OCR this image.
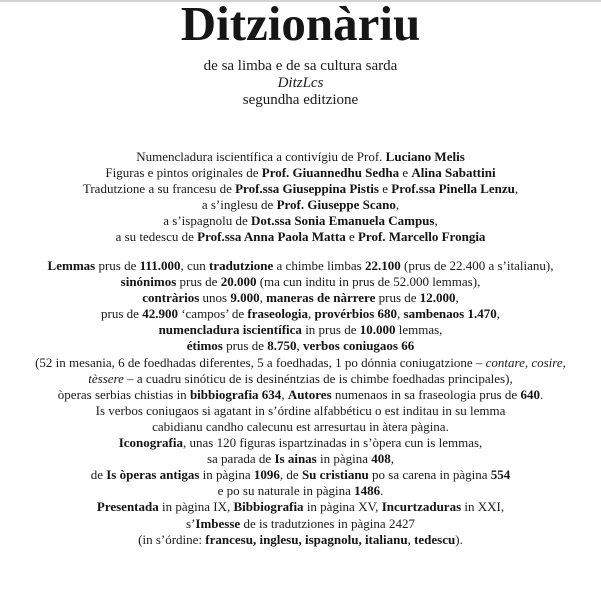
Ditzionàriu
de sa limba e de sa cultura sarda
DitzLcs
segundha editzione
Numencladura iscientífica a contivígiu de Prof. Luciano Melis
Figuras e pintos originales de Prof. Giuannedhu Sedha e Alina Sabattini
Tradutzione a su francesu de Prof.ssa Giuseppina Pistis e Prof.ssa Pinella Lenzu,
a s’inglesu de Prof. Giuseppe Scano,
a s’ispagnolu de Dot.ssa Sonia Emanuela Campus,
a su tedescu de Prof.ssa Anna Paola Matta e Prof. Marcello Frongia
Lemmas prus de 111.000, cun tradutzione a chimbe limbas 22.100 (prus de 22.400 a s’italianu),
sinónimos prus de 20.000 (ma cun inditu in prus de 52.000 lemmas),
contràrios unos 9.000, maneras de nàrrere prus de 12.000,
prus de 42.900 ‘campos’ de fraseologia, provérbios 680, sambenaos 1.470,
numencladura iscientífica in prus de 10.000 lemmas,
étimos prus de 8.750, verbos coniugaos 66
(52 in mesania, 6 de foedhadas diferentes, 5 a foedhadas, 1 po dónnia coniugatzione – contare, cosire,
tèssere – a cuadru sinóticu de is desinéntzias de is chimbe foedhadas principales),
òperas serbias chistias in bibbiografia 634, Autores numenaos in sa fraseologia prus de 640.
Is verbos coniugaos si agatant in s’órdine alfabbéticu o est inditau in su lemma
cabidianu candho calecunu est arresurtau in àtera pàgina.
Iconografia, unas 120 figuras ispartzinadas in s’òpera cun is lemmas,
sa parada de Is ainas in pàgina 408,
de Is òperas antigas in pàgina 1096, de Su cristianu po sa carena in pàgina 554
e po su naturale in pàgina 1486.
Presentada in pàgina IX, Bibbiografia in pàgina XV, Incurtzaduras in XXI,
s’Imbesse de is tradutziones in pàgina 2427
(in s’órdine: francesu, inglesu, ispagnolu, italianu, tedescu).
